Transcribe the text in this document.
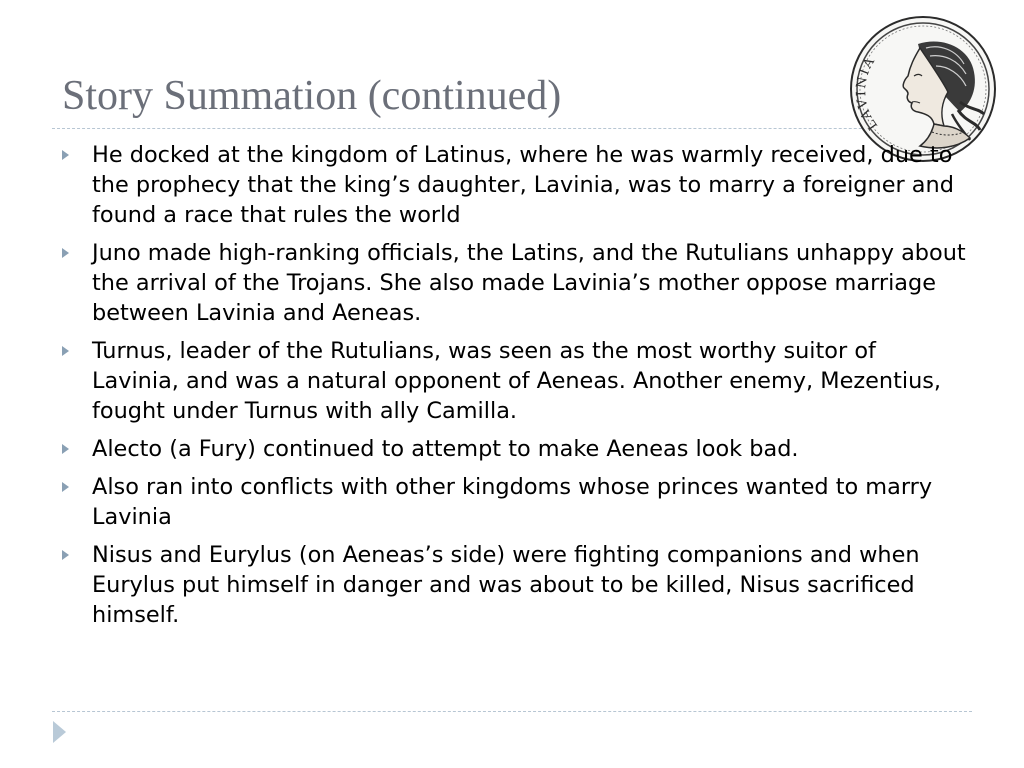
Story Summation (continued)
LAVINIA
He docked at the kingdom of Latinus, where he was warmly received, due to the prophecy that the king’s daughter, Lavinia, was to marry a foreigner and found a race that rules the world
Juno made high-ranking officials, the Latins, and the Rutulians unhappy about the arrival of the Trojans. She also made Lavinia’s mother oppose marriage between Lavinia and Aeneas.
Turnus, leader of the Rutulians, was seen as the most worthy suitor of Lavinia, and was a natural opponent of Aeneas. Another enemy, Mezentius, fought under Turnus with ally Camilla.
Alecto (a Fury) continued to attempt to make Aeneas look bad.
Also ran into conflicts with other kingdoms whose princes wanted to marry Lavinia
Nisus and Eurylus (on Aeneas’s side) were fighting companions and when Eurylus put himself in danger and was about to be killed, Nisus sacrificed himself.
